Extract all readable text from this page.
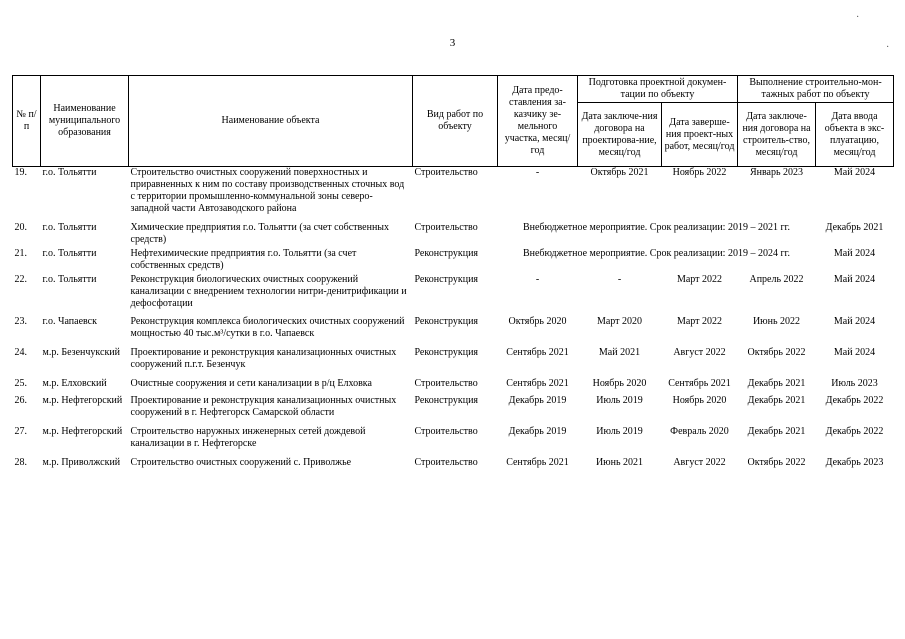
3
№ п/п	Наименование муниципального образования	Наименование объекта	Вид работ по объекту	Дата предо-ставления за-казчику зе-мельного участка, месяц/год	Подготовка проектной докумен-тации по объекту		Выполнение строительно-мон-тажных работ по объекту	
					Дата заключе-ния договора на проектирова-ние, месяц/год	Дата заверше-ния проект-ных работ, месяц/год	Дата заключе-ния договора на строитель-ство, месяц/год	Дата ввода объекта в экс-плуатацию, месяц/год
19.	г.о. Тольятти	Строительство очистных сооружений поверхностных и приравненных к ним по составу производственных сточных вод с территории промышленно-коммунальной зоны северо-западной части Автозаводского района	Строительство	-	Октябрь 2021	Ноябрь 2022	Январь 2023	Май 2024
20.	г.о. Тольятти	Химические предприятия г.о. Тольятти (за счет собственных средств)	Строительство	Внебюджетное мероприятие. Срок реализации: 2019 – 2021 гг.				Декабрь 2021
21.	г.о. Тольятти	Нефтехимические предприятия г.о. Тольятти (за счет собственных средств)	Реконструкция	Внебюджетное мероприятие. Срок реализации: 2019 – 2024 гг.				Май 2024
22.	г.о. Тольятти	Реконструкция биологических очистных сооружений канализации с внедрением технологии нитри-денитрификации и дефосфотации	Реконструкция	-	-	Март 2022	Апрель 2022	Май 2024
23.	г.о. Чапаевск	Реконструкция комплекса биологических очистных сооружений мощностью 40 тыс.м³/сутки в г.о. Чапаевск	Реконструкция	Октябрь 2020	Март 2020	Март 2022	Июнь 2022	Май 2024
24.	м.р. Безенчукский	Проектирование и реконструкция канализационных очистных сооружений п.г.т. Безенчук	Реконструкция	Сентябрь 2021	Май 2021	Август 2022	Октябрь 2022	Май 2024
25.	м.р. Елховский	Очистные сооружения и сети канализации в р/ц Елховка	Строительство	Сентябрь 2021	Ноябрь 2020	Сентябрь 2021	Декабрь 2021	Июль 2023
26.	м.р. Нефтегорский	Проектирование и реконструкция канализационных очистных сооружений в г. Нефтегорск Самарской области	Реконструкция	Декабрь 2019	Июль 2019	Ноябрь 2020	Декабрь 2021	Декабрь 2022
27.	м.р. Нефтегорский	Строительство наружных инженерных сетей дождевой канализации в г. Нефтегорске	Строительство	Декабрь 2019	Июль 2019	Февраль 2020	Декабрь 2021	Декабрь 2022
28.	м.р. Приволжский	Строительство очистных сооружений с. Приволжье	Строительство	Сентябрь 2021	Июнь 2021	Август 2022	Октябрь 2022	Декабрь 2023
·
·
